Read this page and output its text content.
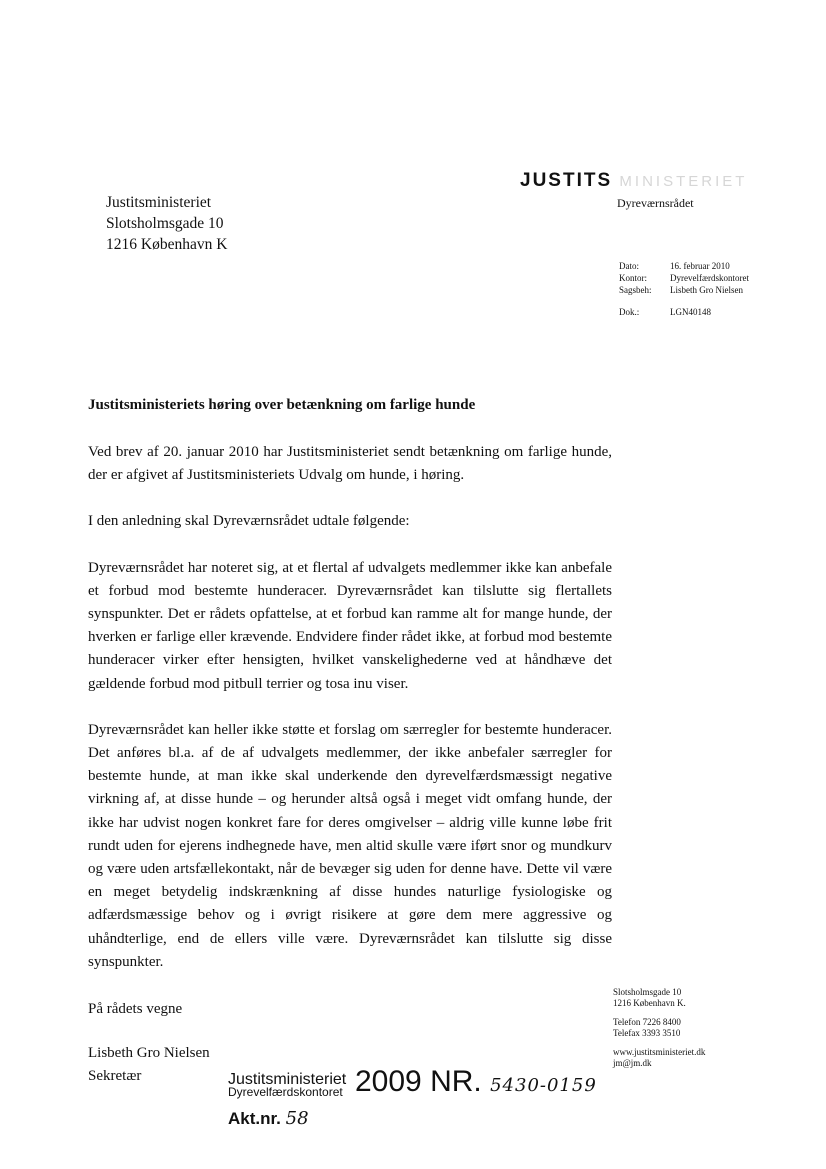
Justitsministeriet
Slotsholmsgade 10
1216 København K
JUSTITS MINISTERIET
Dyreværnsrådet
Dato:	16. februar 2010
Kontor:	Dyrevelfærdskontoret
Sagsbeh:	Lisbeth Gro Nielsen
Dok.:	LGN40148
Justitsministeriets høring over betænkning om farlige hunde

Ved brev af 20. januar 2010 har Justitsministeriet sendt betænkning om farlige hunde, der er afgivet af Justitsministeriets Udvalg om hunde, i høring.

I den anledning skal Dyreværnsrådet udtale følgende:

Dyreværnsrådet har noteret sig, at et flertal af udvalgets medlemmer ikke kan anbefale et forbud mod bestemte hunderacer. Dyreværnsrådet kan tilslutte sig flertallets synspunkter. Det er rådets opfattelse, at et forbud kan ramme alt for mange hunde, der hverken er farlige eller krævende. Endvidere finder rådet ikke, at forbud mod bestemte hunderacer virker efter hensigten, hvilket vanskelighederne ved at håndhæve det gældende forbud mod pitbull terrier og tosa inu viser.

Dyreværnsrådet kan heller ikke støtte et forslag om særregler for bestemte hunderacer. Det anføres bl.a. af de af udvalgets medlemmer, der ikke anbefaler særregler for bestemte hunde, at man ikke skal underkende den dyrevelfærdsmæssigt negative virkning af, at disse hunde – og herunder altså også i meget vidt omfang hunde, der ikke har udvist nogen konkret fare for deres omgivelser – aldrig ville kunne løbe frit rundt uden for ejerens indhegnede have, men altid skulle være iført snor og mundkurv og være uden artsfællekontakt, når de bevæger sig uden for denne have. Dette vil være en meget betydelig indskrænkning af disse hundes naturlige fysiologiske og adfærdsmæssige behov og i øvrigt risikere at gøre dem mere aggressive og uhåndterlige, end de ellers ville være. Dyreværnsrådet kan tilslutte sig disse synspunkter.

På rådets vegne
Lisbeth Gro Nielsen
Sekretær
Slotsholmsgade 10
1216 København K.
Telefon 7226 8400
Telefax 3393 3510
www.justitsministeriet.dk
jm@jm.dk
Justitsministeriet
Dyrevelfærdskontoret 2009 NR. 5430-0159
Akt.nr. 58
